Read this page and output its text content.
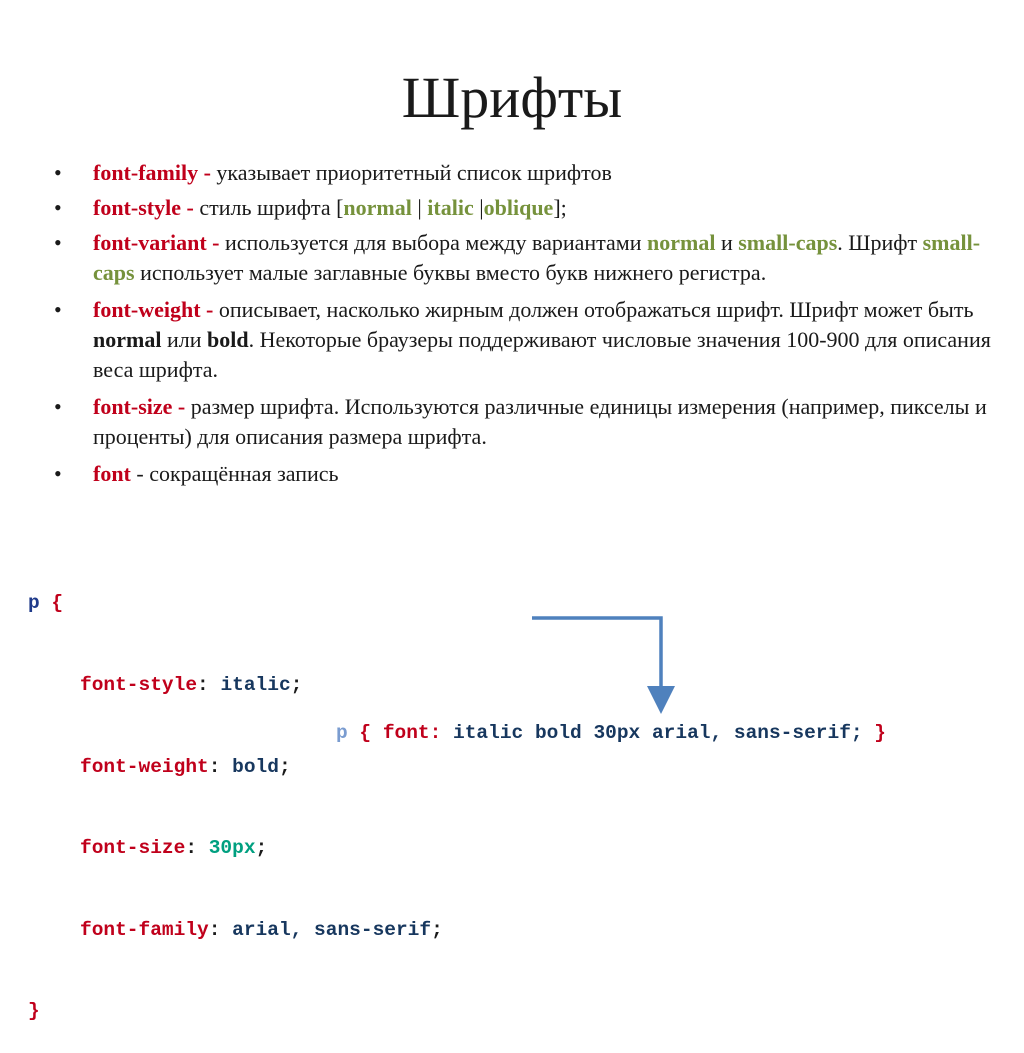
Шрифты
• font-family - указывает приоритетный список шрифтов
• font-style - стиль шрифта [normal | italic |oblique];
• font-variant - используется для выбора между вариантами normal и small-caps. Шрифт small-caps использует малые заглавные буквы вместо букв нижнего регистра.
• font-weight - описывает, насколько жирным должен отображаться шрифт. Шрифт может быть normal или bold. Некоторые браузеры поддерживают числовые значения 100-900 для описания веса шрифта.
• font-size - размер шрифта. Используются различные единицы измерения (например, пикселы и проценты) для описания размера шрифта.
• font - сокращённая запись

p {

font-style: italic;

font-weight: bold;

font-size: 30px;

font-family: arial, sans-serif;

}

p { font: italic bold 30px arial, sans-serif; }
